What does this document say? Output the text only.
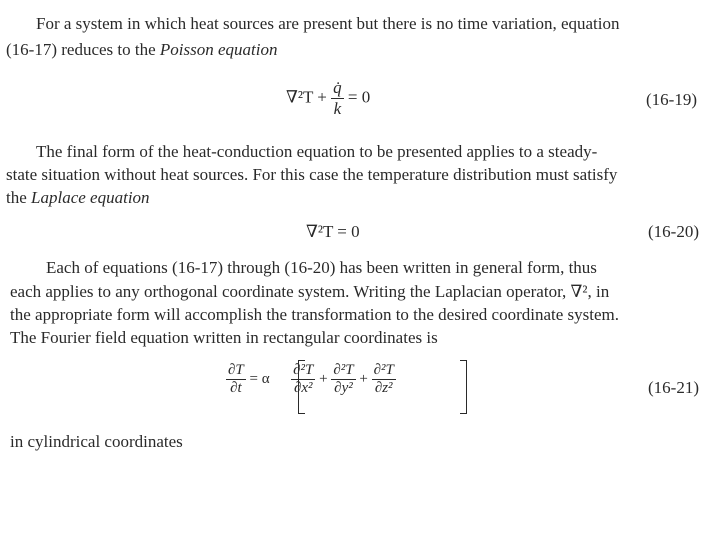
For a system in which heat sources are present but there is no time variation, equation
(16-17) reduces to the Poisson equation
$\nabla^2T + \frac{q̇}{k} = 0$	(16-19)
The final form of the heat-conduction equation to be presented applies to a steady-
state situation without heat sources. For this case the temperature distribution must satisfy
the Laplace equation
∇²T = 0	(16-20)
Each of equations (16-17) through (16-20) has been written in general form, thus
each applies to any orthogonal coordinate system. Writing the Laplacian operator, ∇², in
the appropriate form will accomplish the transformation to the desired coordinate system.
The Fourier field equation written in rectangular coordinates is
$\frac{\partial T}{\partial t} = \alpha \frac{\text{∂²T}}{\text{∂x²}} + \frac{\text{∂²T}}{\text{∂y²}} + \frac{\text{∂²T}}{\text{∂z²}}$	(16-21)
in cylindrical coordinates
